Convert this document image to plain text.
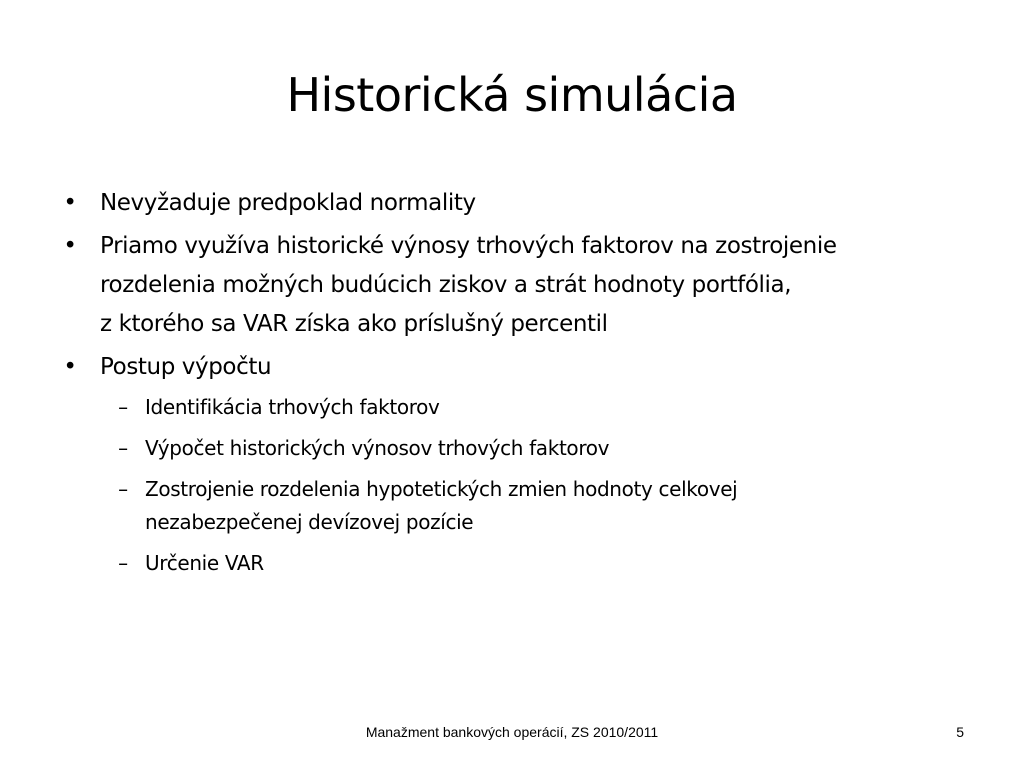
Historická simulácia
• Nevyžaduje predpoklad normality
• Priamo využíva historické výnosy trhových faktorov na zostrojenie
rozdelenia možných budúcich ziskov a strát hodnoty portfólia,
z ktorého sa VAR získa ako príslušný percentil
• Postup výpočtu
– Identifikácia trhových faktorov
– Výpočet historických výnosov trhových faktorov
– Zostrojenie rozdelenia hypotetických zmien hodnoty celkovej
nezabezpečenej devízovej pozície
– Určenie VAR
Manažment bankových operácií, ZS 2010/2011	5
